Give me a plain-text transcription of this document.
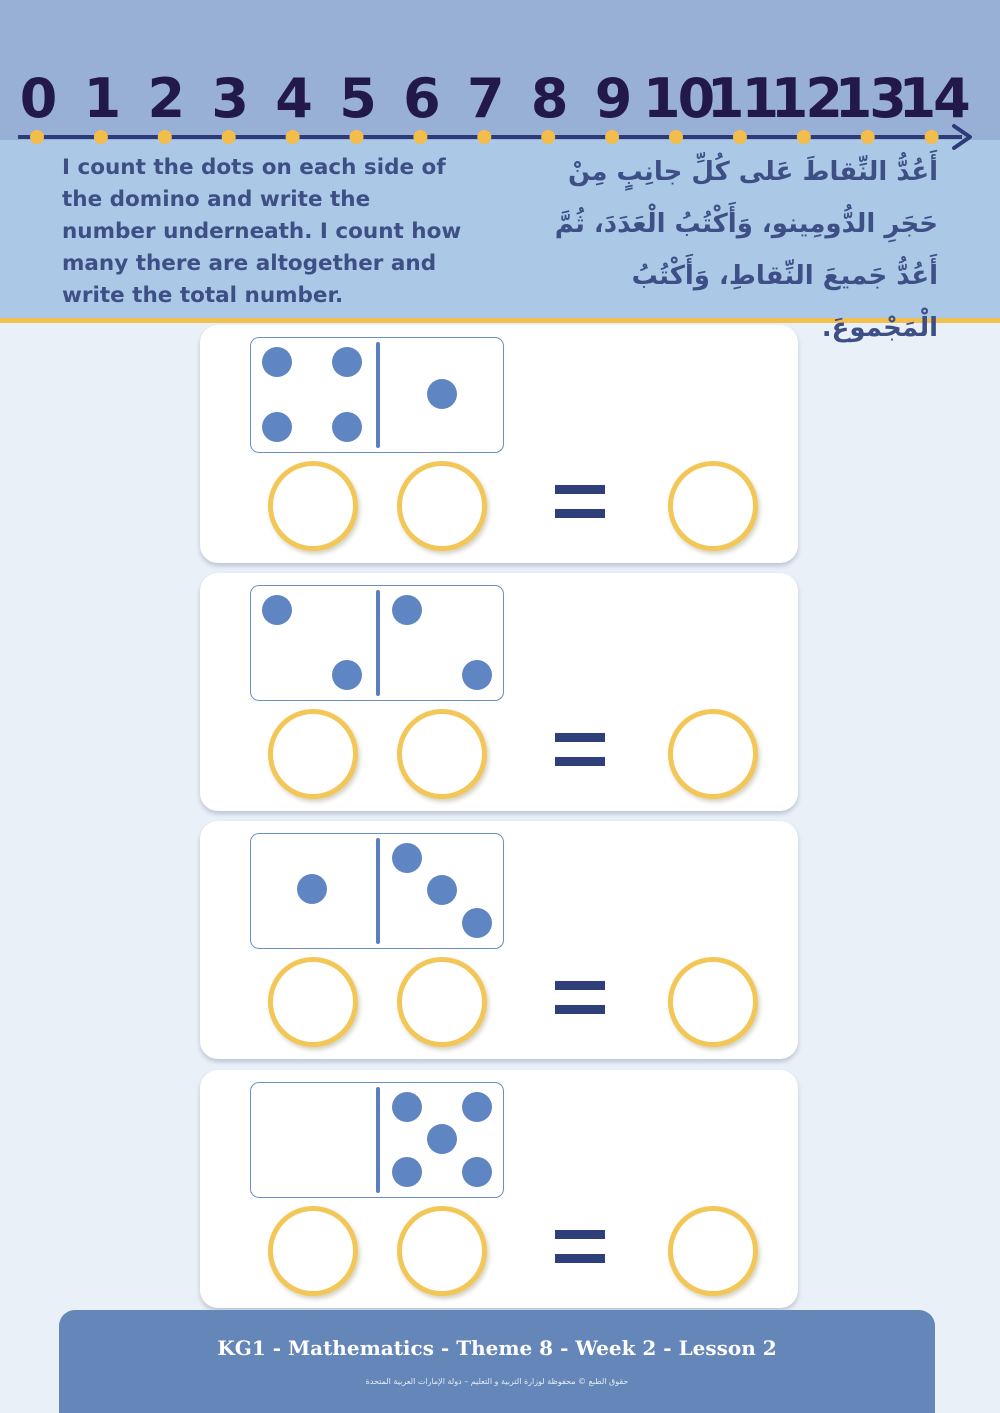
0 1 2 3 4 5 6 7 8 9 10
11
12
13
14

I count the dots on each side of the domino and write the number underneath. I count how many there are altogether and write the total number.

أَعُدُّ النِّقاطَ عَلى كُلِّ جانِبٍ مِنْ حَجَرِ الدُّومِينو، وَأَكْتُبُ الْعَدَدَ، ثُمَّ أَعُدُّ جَميعَ النِّقاطِ، وَأَكْتُبُ الْمَجْموعَ.

KG1 - Mathematics - Theme 8 - Week 2 - Lesson 2
حقوق الطبع © محفوظة لوزارة التربية و التعليم – دولة الإمارات العربية المتحدة
